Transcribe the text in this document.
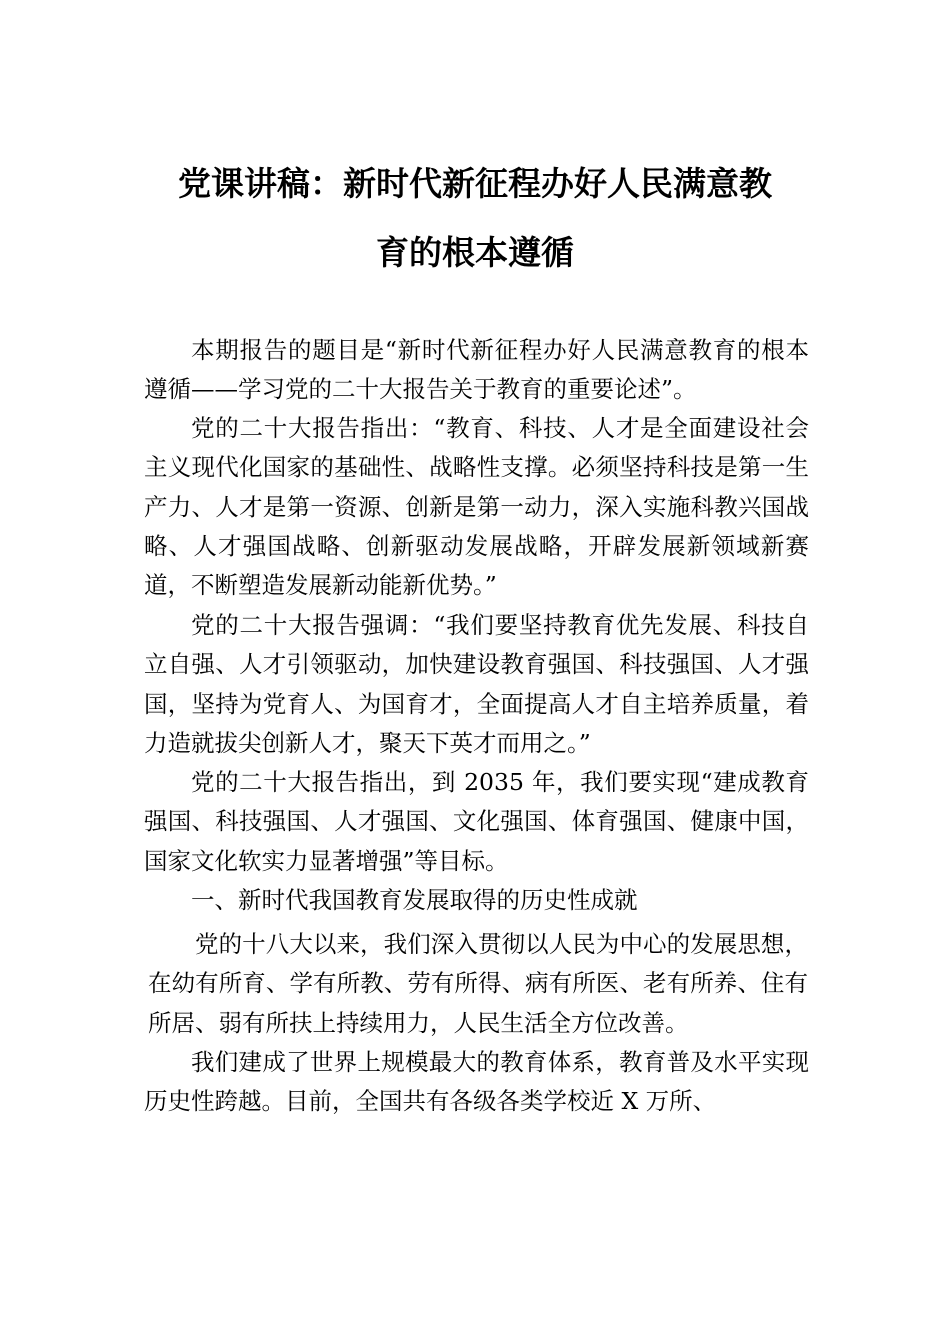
党课讲稿：新时代新征程办好人民满意教
育的根本遵循

本期报告的题目是“新时代新征程办好人民满意教育的根本遵循——学习党的二十大报告关于教育的重要论述”。

党的二十大报告指出：“教育、科技、人才是全面建设社会主义现代化国家的基础性、战略性支撑。必须坚持科技是第一生产力、人才是第一资源、创新是第一动力，深入实施科教兴国战略、人才强国战略、创新驱动发展战略，开辟发展新领域新赛道，不断塑造发展新动能新优势。”

党的二十大报告强调：“我们要坚持教育优先发展、科技自立自强、人才引领驱动，加快建设教育强国、科技强国、人才强国，坚持为党育人、为国育才，全面提高人才自主培养质量，着力造就拔尖创新人才，聚天下英才而用之。”

党的二十大报告指出，到 2035 年，我们要实现“建成教育强国、科技强国、人才强国、文化强国、体育强国、健康中国，国家文化软实力显著增强”等目标。

一、新时代我国教育发展取得的历史性成就

党的十八大以来，我们深入贯彻以人民为中心的发展思想，在幼有所育、学有所教、劳有所得、病有所医、老有所养、住有所居、弱有所扶上持续用力，人民生活全方位改善。

我们建成了世界上规模最大的教育体系，教育普及水平实现历史性跨越。目前，全国共有各级各类学校近 X 万所、
